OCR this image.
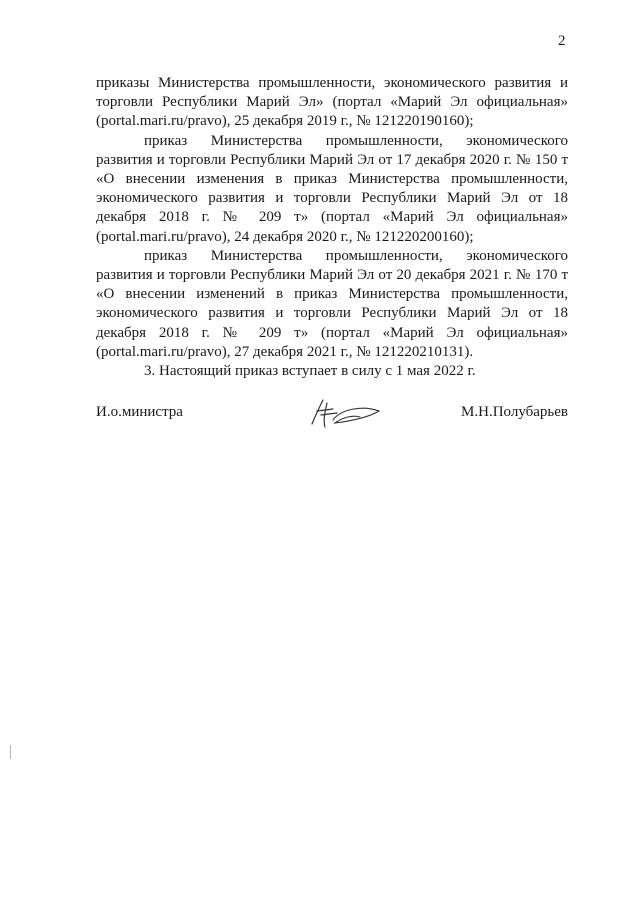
2

приказы Министерства промышленности, экономического развития и торговли Республики Марий Эл» (портал «Марий Эл официальная» (portal.mari.ru/pravo), 25 декабря 2019 г., № 121220190160);

приказ Министерства промышленности, экономического развития и торговли Республики Марий Эл от 17 декабря 2020 г. № 150 т «О внесении изменения в приказ Министерства промышленности, экономического развития и торговли Республики Марий Эл от 18 декабря 2018 г. № 209 т» (портал «Марий Эл официальная» (portal.mari.ru/pravo), 24 декабря 2020 г., № 121220200160);

приказ Министерства промышленности, экономического развития и торговли Республики Марий Эл от 20 декабря 2021 г. № 170 т «О внесении изменений в приказ Министерства промышленности, экономического развития и торговли Республики Марий Эл от 18 декабря 2018 г. № 209 т» (портал «Марий Эл официальная» (portal.mari.ru/pravo), 27 декабря 2021 г., № 121220210131).

3. Настоящий приказ вступает в силу с 1 мая 2022 г.

И.о.министра	М.Н.Полубарьев
